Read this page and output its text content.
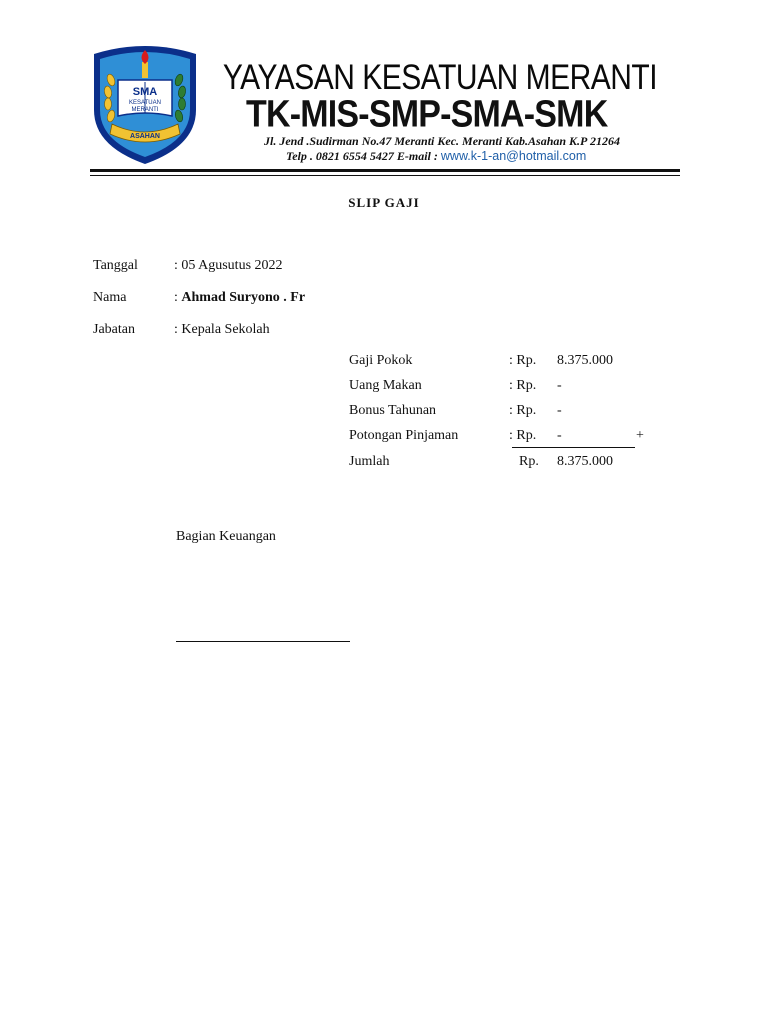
SMA
KESATUAN
MERANTI
ASAHAN
YAYASAN KESATUAN MERANTI
TK-MIS-SMP-SMA-SMK
Jl. Jend .Sudirman No.47 Meranti Kec. Meranti Kab.Asahan K.P 21264
Telp . 0821 6554 5427 E-mail : www.k-1-an@hotmail.com
SLIP GAJI
Tanggal	: 05 Agusutus 2022
Nama	: Ahmad Suryono . Fr
Jabatan	: Kepala Sekolah
Gaji Pokok	: Rp. 8.375.000
Uang Makan	: Rp. -
Bonus Tahunan	: Rp. -
Potongan Pinjaman	: Rp. -	+
Jumlah	Rp. 8.375.000
Bagian Keuangan
